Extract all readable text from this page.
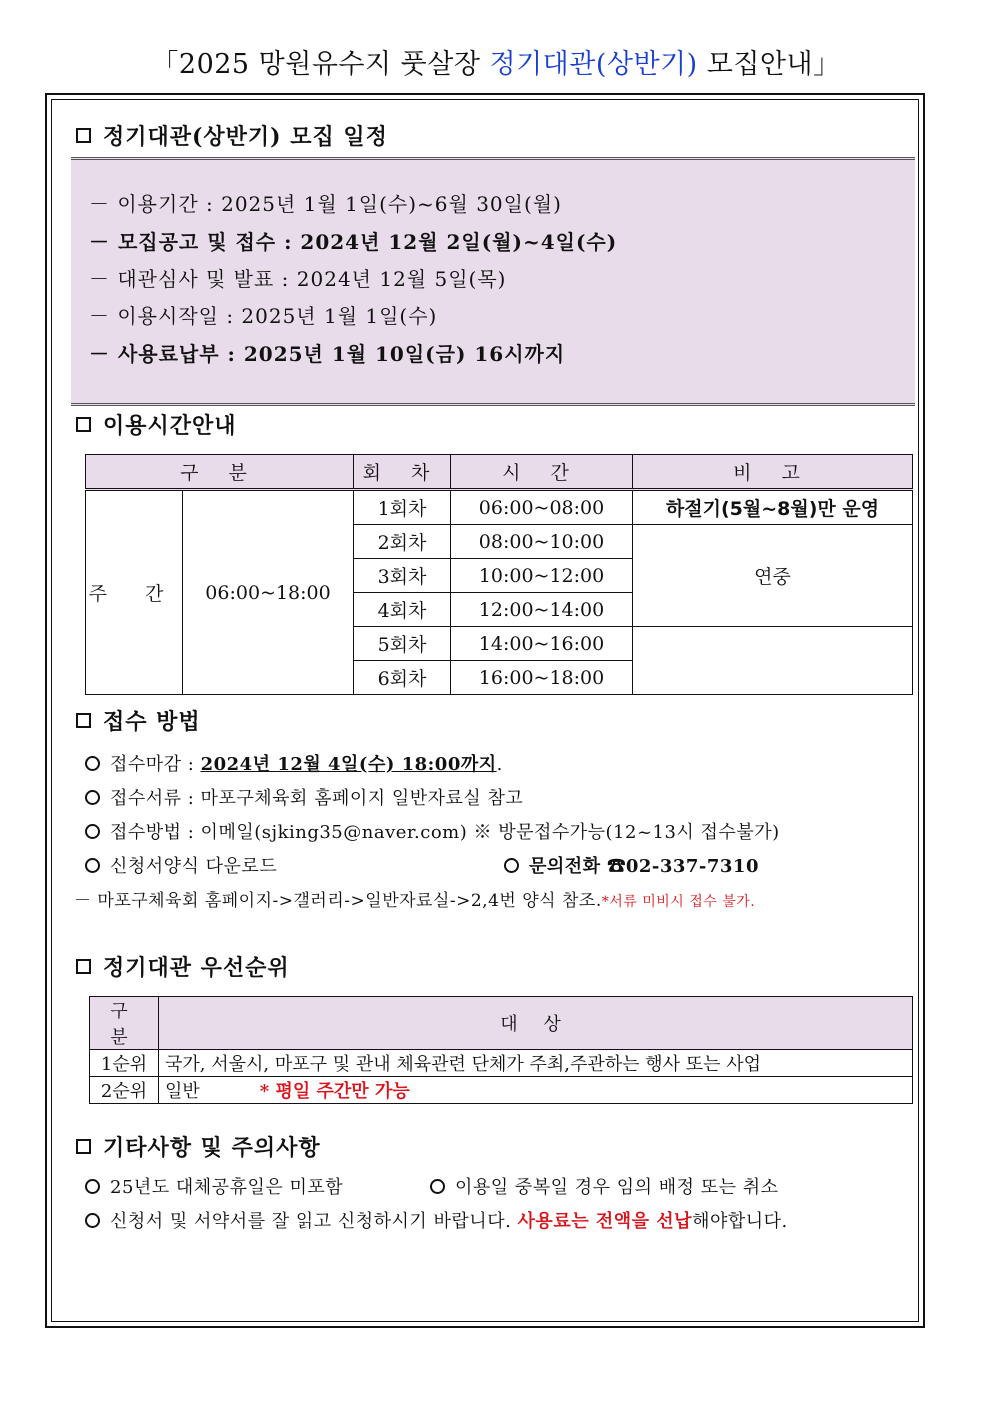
「2025 망원유수지 풋살장 정기대관(상반기) 모집안내」
정기대관(상반기) 모집 일정
－ 이용기간 : 2025년 1월 1일(수)~6월 30일(월)
－ 모집공고 및 접수 : 2024년 12월 2일(월)~4일(수)
－ 대관심사 및 발표 : 2024년 12월 5일(목)
－ 이용시작일 : 2025년 1월 1일(수)
－ 사용료납부 : 2025년 1월 10일(금) 16시까지
이용시간안내
구 분		회 차	시 간	비 고
주 간	06:00~18:00	1회차	06:00~08:00	하절기(5월~8월)만 운영
		2회차	08:00~10:00	연중
		3회차	10:00~12:00	
		4회차	12:00~14:00	
		5회차	14:00~16:00	
		6회차	16:00~18:00	
접수 방법
접수마감 : 2024년 12월 4일(수) 18:00까지.
접수서류 : 마포구체육회 홈페이지 일반자료실 참고
접수방법 : 이메일(sjking35@naver.com) ※ 방문접수가능(12~13시 접수불가)
신청서양식 다운로드	문의전화 ☎02-337-7310
－ 마포구체육회 홈페이지->갤러리->일반자료실->2,4번 양식 참조.*서류 미비시 접수 불가.
정기대관 우선순위
구 분	대 상
1순위	국가, 서울시, 마포구 및 관내 체육관련 단체가 주최,주관하는 행사 또는 사업
2순위	일반 * 평일 주간만 가능
기타사항 및 주의사항
25년도 대체공휴일은 미포함	이용일 중복일 경우 임의 배정 또는 취소
신청서 및 서약서를 잘 읽고 신청하시기 바랍니다. 사용료는 전액을 선납해야합니다.
